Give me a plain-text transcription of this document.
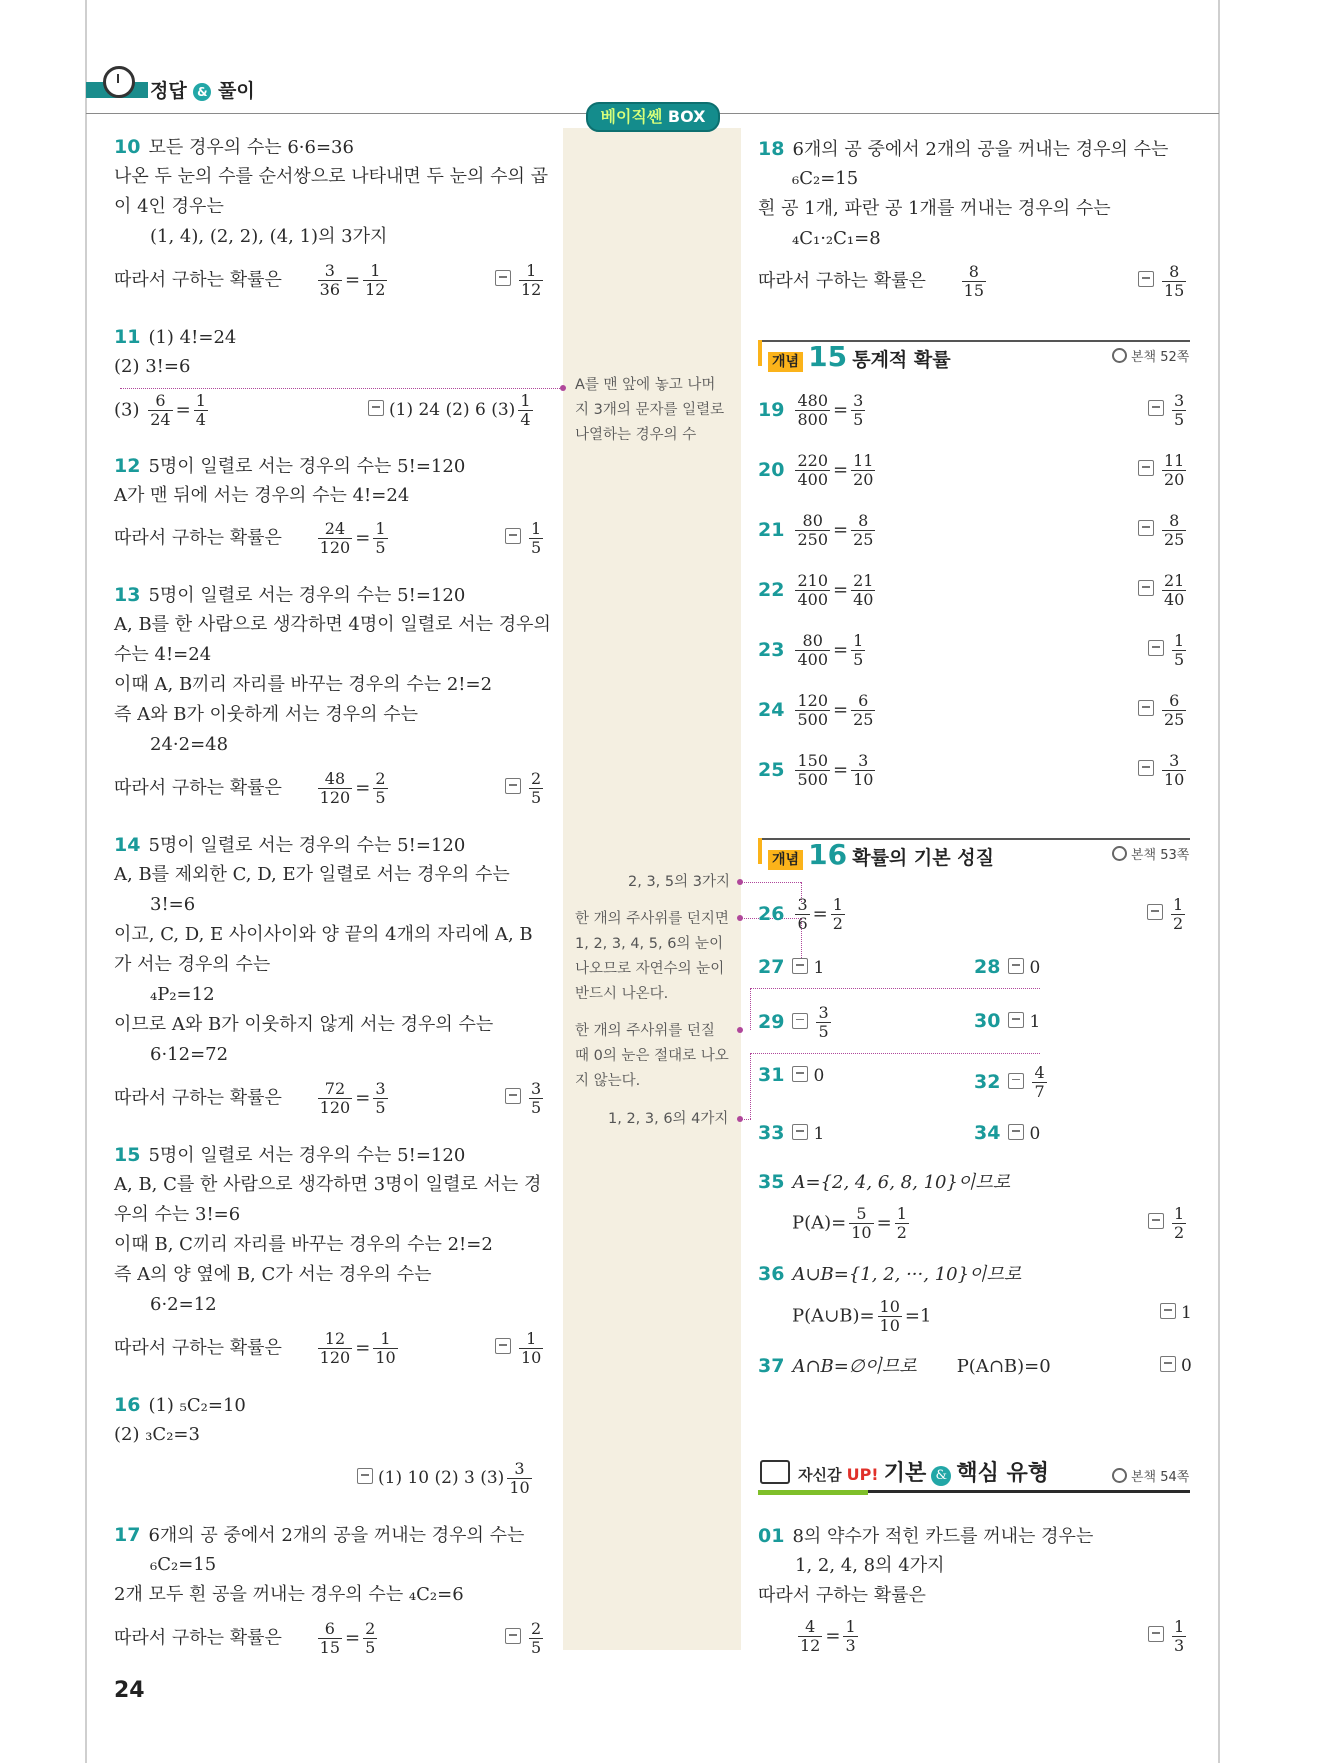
정답 & 풀이
베이직쎈 BOX
10 모든 경우의 수는 6·6=36
나온 두 눈의 수를 순서쌍으로 나타내면 두 눈의 수의 곱
이 4인 경우는
(1, 4), (2, 2), (4, 1)의 3가지
따라서 구하는 확률은 $\frac{3}{36} = \frac{1}{12}$	$\frac{1}{12}$
11 (1) 4!=24
(2) 3!=6
$(3) \frac{6}{24} = \frac{1}{4}$	(1) 24 (2) 6 $(3) \frac{1}{4}$
12 5명이 일렬로 서는 경우의 수는 5!=120
A가 맨 뒤에 서는 경우의 수는 4!=24
따라서 구하는 확률은 $\frac{24}{120} = \frac{1}{5}$	$\frac{1}{5}$
13 5명이 일렬로 서는 경우의 수는 5!=120
A, B를 한 사람으로 생각하면 4명이 일렬로 서는 경우의
수는 4!=24
이때 A, B끼리 자리를 바꾸는 경우의 수는 2!=2
즉 A와 B가 이웃하게 서는 경우의 수는
24·2=48
따라서 구하는 확률은 $\frac{48}{120} = \frac{2}{5}$	$\frac{2}{5}$
14 5명이 일렬로 서는 경우의 수는 5!=120
A, B를 제외한 C, D, E가 일렬로 서는 경우의 수는
3!=6
이고, C, D, E 사이사이와 양 끝의 4개의 자리에 A, B
가 서는 경우의 수는
₄P₂=12
이므로 A와 B가 이웃하지 않게 서는 경우의 수는
6·12=72
따라서 구하는 확률은 $\frac{72}{120} = \frac{3}{5}$	$\frac{3}{5}$
15 5명이 일렬로 서는 경우의 수는 5!=120
A, B, C를 한 사람으로 생각하면 3명이 일렬로 서는 경
우의 수는 3!=6
이때 B, C끼리 자리를 바꾸는 경우의 수는 2!=2
즉 A의 양 옆에 B, C가 서는 경우의 수는
6·2=12
따라서 구하는 확률은 $\frac{12}{120} = \frac{1}{10}$	$\frac{1}{10}$
16 (1) ₅C₂=10
(2) ₃C₂=3
(1) 10 (2) 3 $(3) \frac{3}{10}$
17 6개의 공 중에서 2개의 공을 꺼내는 경우의 수는
₆C₂=15
2개 모두 흰 공을 꺼내는 경우의 수는 ₄C₂=6
따라서 구하는 확률은 $\frac{6}{15} = \frac{2}{5}$	$\frac{2}{5}$
24
A를 맨 앞에 놓고 나머
지 3개의 문자를 일렬로
나열하는 경우의 수
2, 3, 5의 3가지
한 개의 주사위를 던지면
1, 2, 3, 4, 5, 6의 눈이
나오므로 자연수의 눈이
반드시 나온다.
한 개의 주사위를 던질
때 0의 눈은 절대로 나오
지 않는다.
1, 2, 3, 6의 4가지
18 6개의 공 중에서 2개의 공을 꺼내는 경우의 수는
₆C₂=15
흰 공 1개, 파란 공 1개를 꺼내는 경우의 수는
₄C₁·₂C₁=8
따라서 구하는 확률은 $\frac{8}{15}$	$\frac{8}{15}$
개념 15 통계적 확률	본책 52쪽
$19 \frac{480}{800} = \frac{3}{5}$	$\frac{3}{5}$
$20 \frac{220}{400} = \frac{11}{20}$	$\frac{11}{20}$
$21 \frac{80}{250} = \frac{8}{25}$	$\frac{8}{25}$
$22 \frac{210}{400} = \frac{21}{40}$	$\frac{21}{40}$
$23 \frac{80}{400} = \frac{1}{5}$	$\frac{1}{5}$
$24 \frac{120}{500} = \frac{6}{25}$	$\frac{6}{25}$
$25 \frac{150}{500} = \frac{3}{10}$	$\frac{3}{10}$
개념 16 확률의 기본 성질	본책 53쪽
$26 \frac{3}{6} = \frac{1}{2}$	$\frac{1}{2}$
27 1	28 0
$29 \frac{3}{5}$	30 1
31 0	$32 \frac{4}{7}$
33 1	34 0
35 A={2, 4, 6, 8, 10}이므로
$P(A)= \frac{5}{10} = \frac{1}{2}$	$\frac{1}{2}$
36 A∪B={1, 2, ···, 10}이므로
P(A∪B)= $\frac{10}{10} =1$	1
37 A∩B=∅이므로 P(A∩B)=0	0
자신감 UP! 기본 & 핵심 유형	본책 54쪽
01 8의 약수가 적힌 카드를 꺼내는 경우는
1, 2, 4, 8의 4가지
따라서 구하는 확률은
$\frac{4}{12} = \frac{1}{3}$	$\frac{1}{3}$
